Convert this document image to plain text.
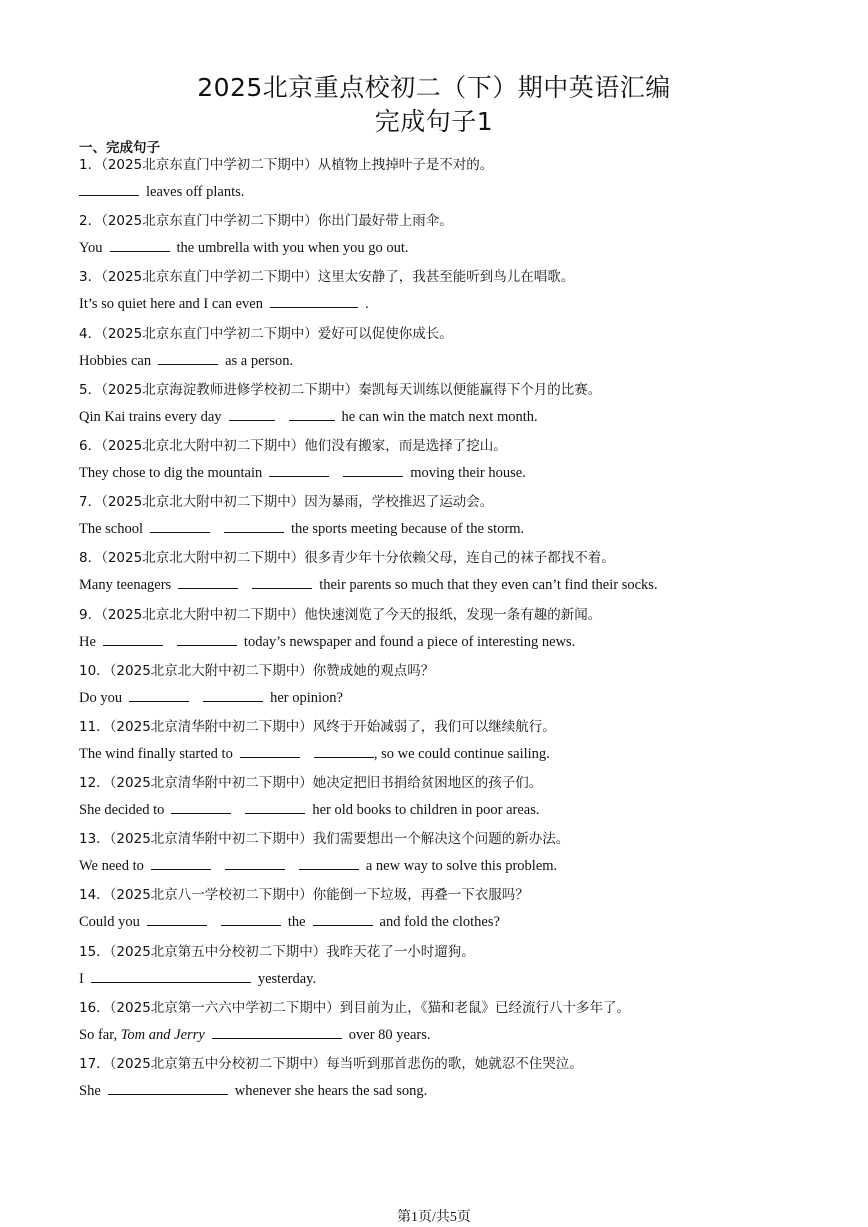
2025北京重点校初二（下）期中英语汇编
完成句子1
一、完成句子
1．（2025北京东直门中学初二下期中）从植物上拽掉叶子是不对的。
leaves off plants.
2．（2025北京东直门中学初二下期中）你出门最好带上雨伞。
You	the umbrella with you when you go out.
3．（2025北京东直门中学初二下期中）这里太安静了，我甚至能听到鸟儿在唱歌。
It’s so quiet here and I can even	.
4．（2025北京东直门中学初二下期中）爱好可以促使你成长。
Hobbies can	as a person.
5．（2025北京海淀教师进修学校初二下期中）秦凯每天训练以便能赢得下个月的比赛。
Qin Kai trains every day	he can win the match next month.
6．（2025北京北大附中初二下期中）他们没有搬家，而是选择了挖山。
They chose to dig the mountain	moving their house.
7．（2025北京北大附中初二下期中）因为暴雨，学校推迟了运动会。
The school	the sports meeting because of the storm.
8．（2025北京北大附中初二下期中）很多青少年十分依赖父母，连自己的袜子都找不着。
Many teenagers	their parents so much that they even can’t find their socks.
9．（2025北京北大附中初二下期中）他快速浏览了今天的报纸，发现一条有趣的新闻。
He	today’s newspaper and found a piece of interesting news.
10．（2025北京北大附中初二下期中）你赞成她的观点吗？
Do you	her opinion?
11．（2025北京清华附中初二下期中）风终于开始减弱了，我们可以继续航行。
The wind finally started to	, so we could continue sailing.
12．（2025北京清华附中初二下期中）她决定把旧书捐给贫困地区的孩子们。
She decided to	her old books to children in poor areas.
13．（2025北京清华附中初二下期中）我们需要想出一个解决这个问题的新办法。
We need to	a new way to solve this problem.
14．（2025北京八一学校初二下期中）你能倒一下垃圾，再叠一下衣服吗？
Could you	the	and fold the clothes?
15．（2025北京第五中分校初二下期中）我昨天花了一小时遛狗。
I	yesterday.
16．（2025北京第一六六中学初二下期中）到目前为止，《猫和老鼠》已经流行八十多年了。
So far, Tom and Jerry	over 80 years.
17．（2025北京第五中分校初二下期中）每当听到那首悲伤的歌，她就忍不住哭泣。
She	whenever she hears the sad song.
第1页/共5页
